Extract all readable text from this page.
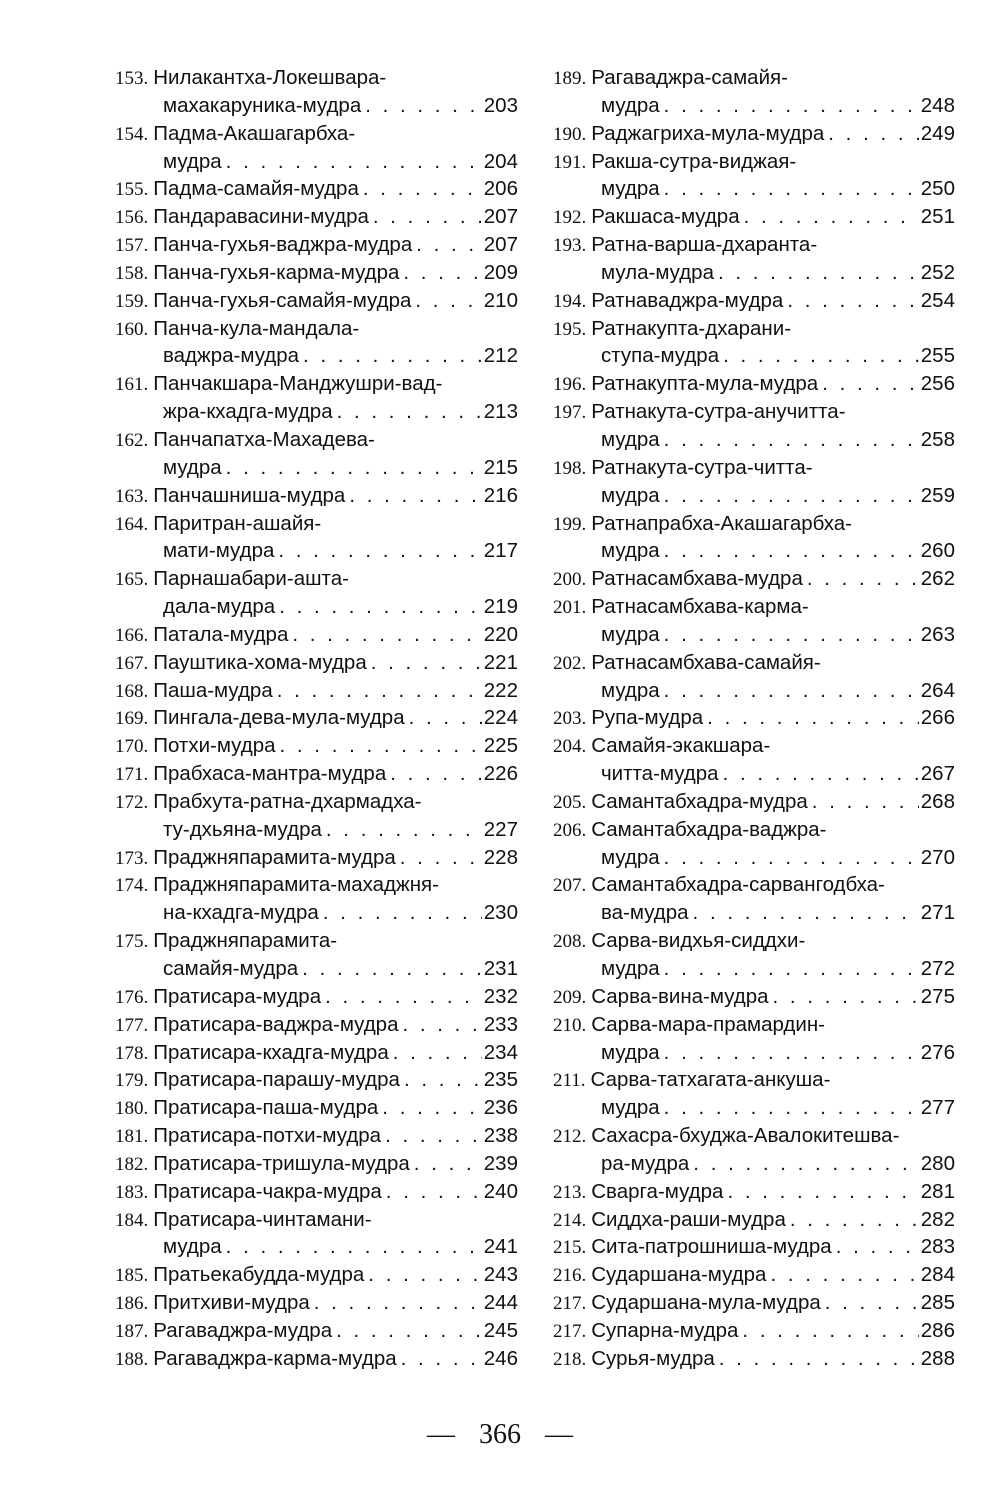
153. Нилакантха-Локешвара-
махакаруника-мудра . . .	203
154. Падма-Акашагарбха-
мудра . . .	204
155. Падма-самайя-мудра . . .	206
156. Пандаравасини-мудра . . .	207
157. Панча-гухья-ваджра-мудра . . .	207
158. Панча-гухья-карма-мудра . . .	209
159. Панча-гухья-самайя-мудра . . .	210
160. Панча-кула-мандала-
ваджра-мудра . . .	212
161. Панчакшара-Манджушри-вад-
жра-кхадга-мудра . . .	213
162. Панчапатха-Махадева-
мудра . . .	215
163. Панчашниша-мудра . . .	216
164. Паритран-ашайя-
мати-мудра . . .	217
165. Парнашабари-ашта-
дала-мудра . . .	219
166. Патала-мудра . . .	220
167. Пауштика-хома-мудра . . .	221
168. Паша-мудра . . .	222
169. Пингала-дева-мула-мудра . . .	224
170. Потхи-мудра . . .	225
171. Прабхаса-мантра-мудра . . .	226
172. Прабхута-ратна-дхармадха-
ту-дхьяна-мудра . . .	227
173. Праджняпарамита-мудра . . .	228
174. Праджняпарамита-махаджня-
на-кхадга-мудра . . .	230
175. Праджняпарамита-
самайя-мудра . . .	231
176. Пратисара-мудра . . .	232
177. Пратисара-ваджра-мудра . . .	233
178. Пратисара-кхадга-мудра . . .	234
179. Пратисара-парашу-мудра . . .	235
180. Пратисара-паша-мудра . . .	236
181. Пратисара-потхи-мудра . . .	238
182. Пратисара-тришула-мудра . . .	239
183. Пратисара-чакра-мудра . . .	240
184. Пратисара-чинтамани-
мудра . . .	241
185. Пратьекабудда-мудра . . .	243
186. Притхиви-мудра . . .	244
187. Рагаваджра-мудра . . .	245
188. Рагаваджра-карма-мудра . . .	246
189. Рагаваджра-самайя-
мудра . . .	248
190. Раджагриха-мула-мудра . . .	249
191. Ракша-сутра-виджая-
мудра . . .	250
192. Ракшаса-мудра . . .	251
193. Ратна-варша-дхаранта-
мула-мудра . . .	252
194. Ратнаваджра-мудра . . .	254
195. Ратнакупта-дхарани-
ступа-мудра . . .	255
196. Ратнакупта-мула-мудра . . .	256
197. Ратнакута-сутра-анучитта-
мудра . . .	258
198. Ратнакута-сутра-читта-
мудра . . .	259
199. Ратнапрабха-Акашагарбха-
мудра . . .	260
200. Ратнасамбхава-мудра . . .	262
201. Ратнасамбхава-карма-
мудра . . .	263
202. Ратнасамбхава-самайя-
мудра . . .	264
203. Рупа-мудра . . .	266
204. Самайя-экакшара-
читта-мудра . . .	267
205. Самантабхадра-мудра . . .	268
206. Самантабхадра-ваджра-
мудра . . .	270
207. Самантабхадра-сарвангодбха-
ва-мудра . . .	271
208. Сарва-видхья-сиддхи-
мудра . . .	272
209. Сарва-вина-мудра . . .	275
210. Сарва-мара-прамардин-
мудра . . .	276
211. Сарва-татхагата-анкуша-
мудра . . .	277
212. Сахасра-бхуджа-Авалокитешва-
ра-мудра . . .	280
213. Сварга-мудра . . .	281
214. Сиддха-раши-мудра . . .	282
215. Сита-патрошниша-мудра . . .	283
216. Сударшана-мудра . . .	284
217. Сударшана-мула-мудра . . .	285
217. Супарна-мудра . . .	286
218. Сурья-мудра . . .	288
— 366 —
